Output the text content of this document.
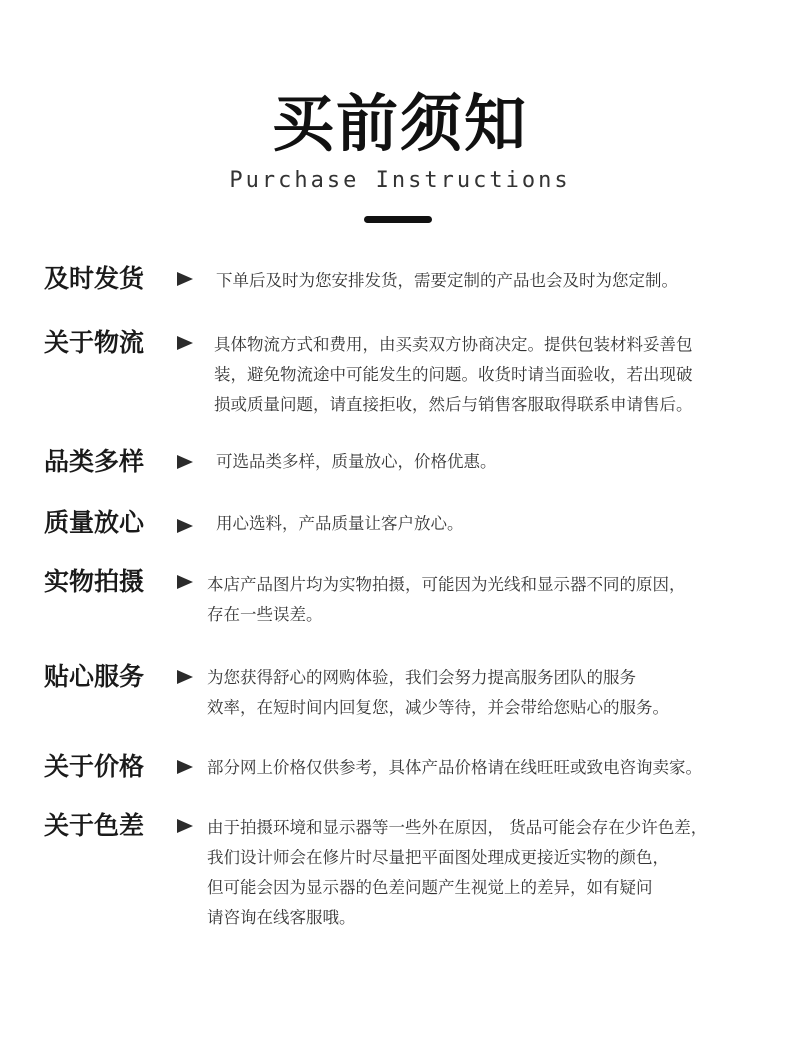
买前须知
Purchase Instructions
及时发货	下单后及时为您安排发货，需要定制的产品也会及时为您定制。
关于物流	具体物流方式和费用，由买卖双方协商决定。提供包装材料妥善包
装，避免物流途中可能发生的问题。收货时请当面验收，若出现破
损或质量问题，请直接拒收，然后与销售客服取得联系申请售后。
品类多样	可选品类多样，质量放心，价格优惠。
质量放心	用心选料，产品质量让客户放心。
实物拍摄	本店产品图片均为实物拍摄，可能因为光线和显示器不同的原因，
存在一些误差。
贴心服务	为您获得舒心的网购体验，我们会努力提高服务团队的服务
效率，在短时间内回复您，减少等待，并会带给您贴心的服务。
关于价格	部分网上价格仅供参考，具体产品价格请在线旺旺或致电咨询卖家。
关于色差	由于拍摄环境和显示器等一些外在原因， 货品可能会存在少许色差，
我们设计师会在修片时尽量把平面图处理成更接近实物的颜色，
但可能会因为显示器的色差问题产生视觉上的差异，如有疑问
请咨询在线客服哦。
